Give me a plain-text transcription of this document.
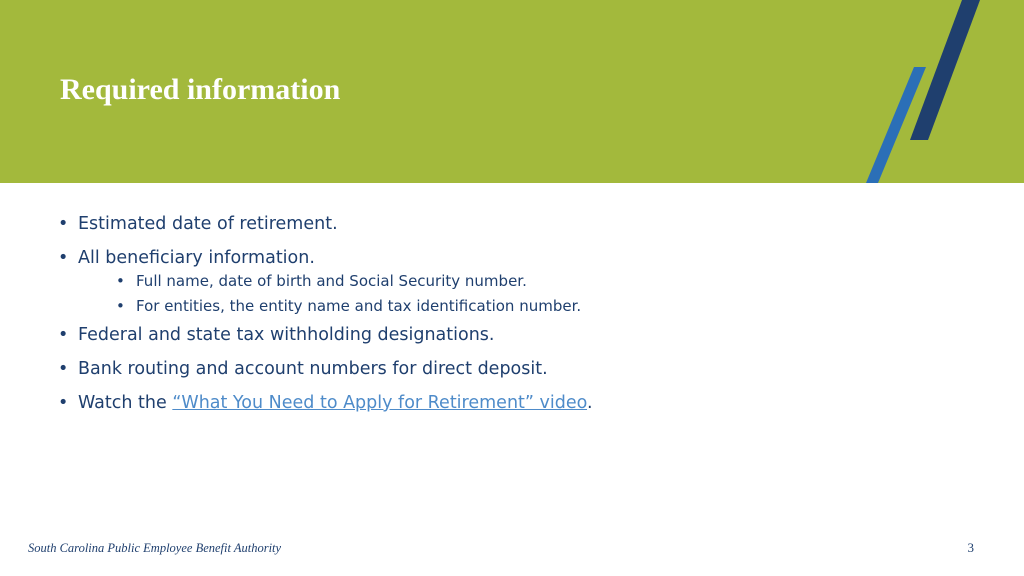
Required information
• Estimated date of retirement.
• All beneficiary information.
• Full name, date of birth and Social Security number.
• For entities, the entity name and tax identification number.
• Federal and state tax withholding designations.
• Bank routing and account numbers for direct deposit.
• Watch the “What You Need to Apply for Retirement” video.
South Carolina Public Employee Benefit Authority	3
